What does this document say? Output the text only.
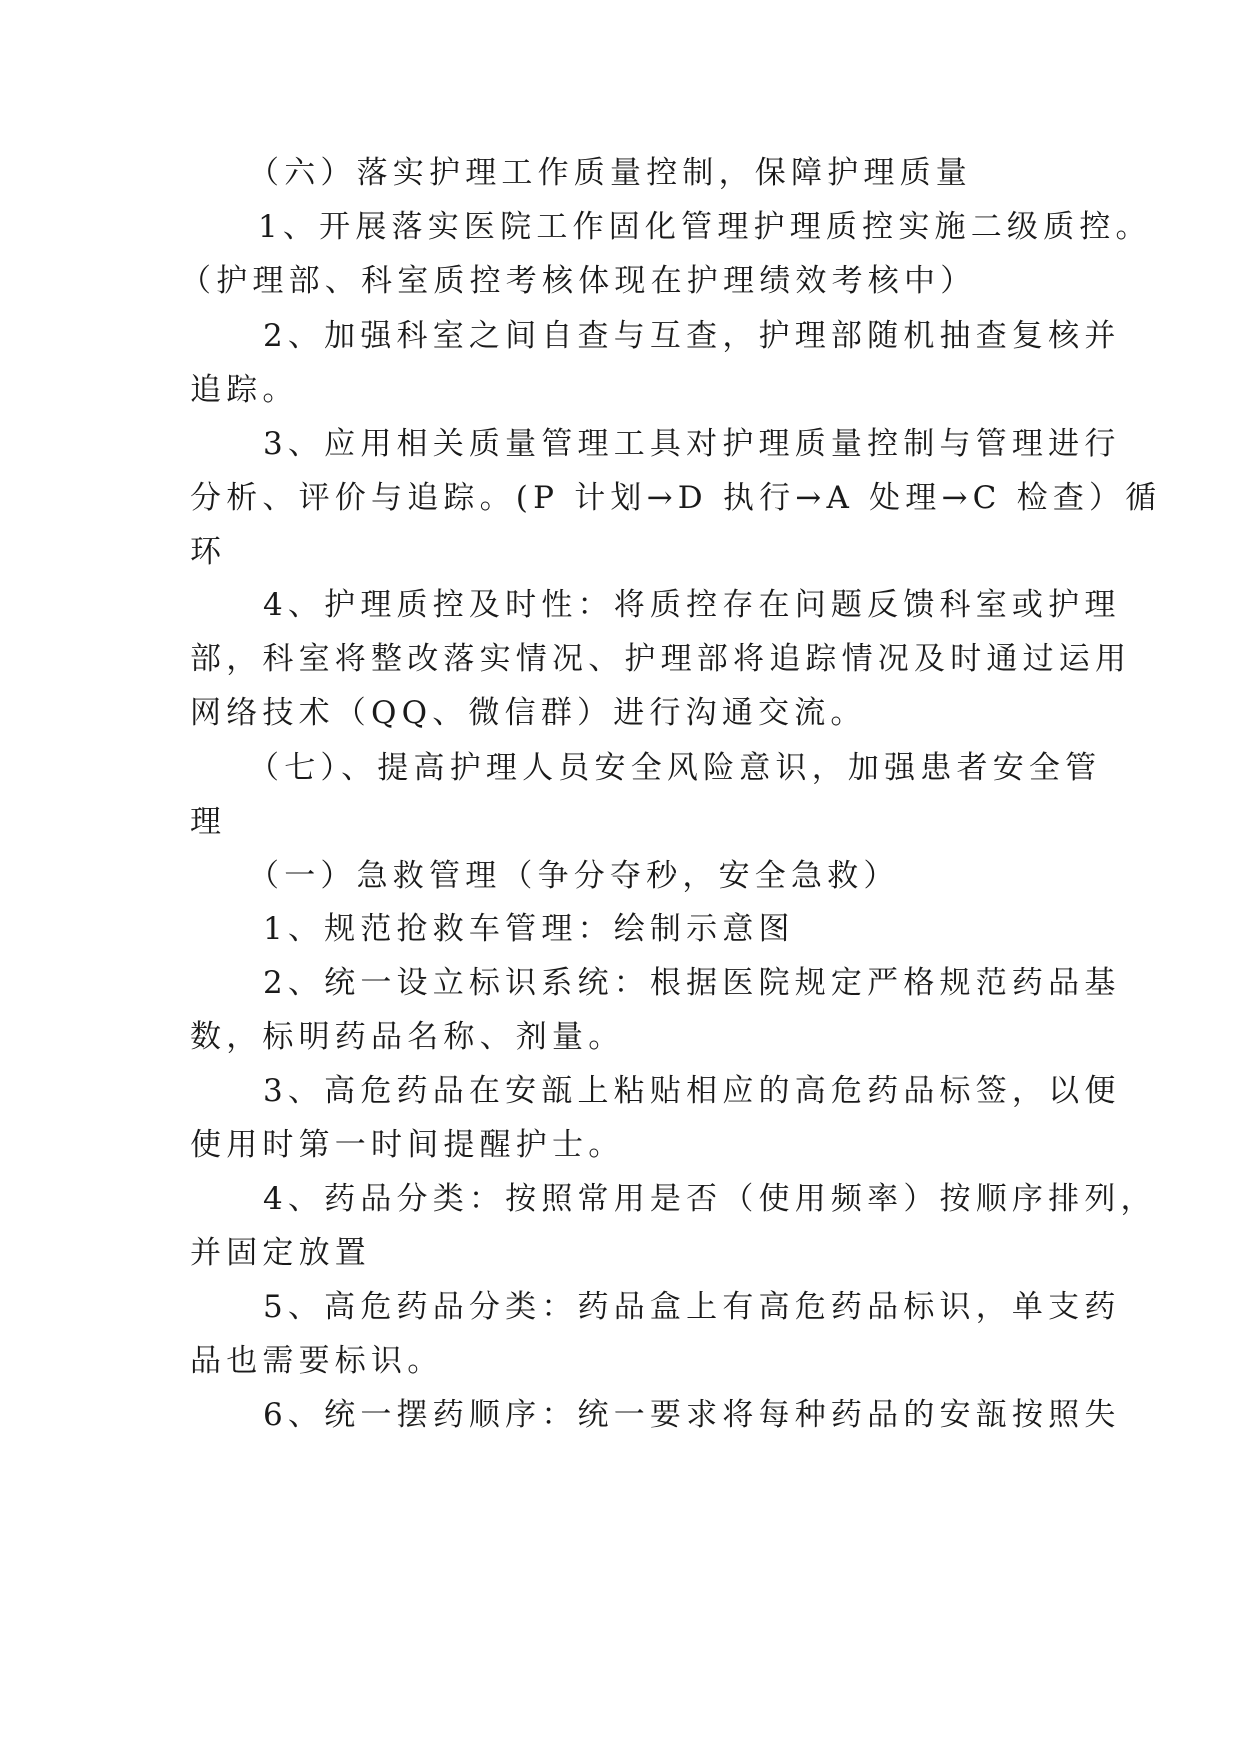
（六）落实护理工作质量控制，保障护理质量
1、开展落实医院工作固化管理护理质控实施二级质控。
（护理部、科室质控考核体现在护理绩效考核中）
2、加强科室之间自查与互查，护理部随机抽查复核并
追踪。
3、应用相关质量管理工具对护理质量控制与管理进行
分析、评价与追踪。(P 计划→D 执行→A 处理→C 检查）循
环
4、护理质控及时性：将质控存在问题反馈科室或护理
部，科室将整改落实情况、护理部将追踪情况及时通过运用
网络技术（QQ、微信群）进行沟通交流。
（七）、提高护理人员安全风险意识，加强患者安全管
理
（一）急救管理（争分夺秒，安全急救）
1、规范抢救车管理：绘制示意图
2、统一设立标识系统：根据医院规定严格规范药品基
数，标明药品名称、剂量。
3、高危药品在安瓿上粘贴相应的高危药品标签，以便
使用时第一时间提醒护士。
4、药品分类：按照常用是否（使用频率）按顺序排列，
并固定放置
5、高危药品分类：药品盒上有高危药品标识，单支药
品也需要标识。
6、统一摆药顺序：统一要求将每种药品的安瓿按照失
